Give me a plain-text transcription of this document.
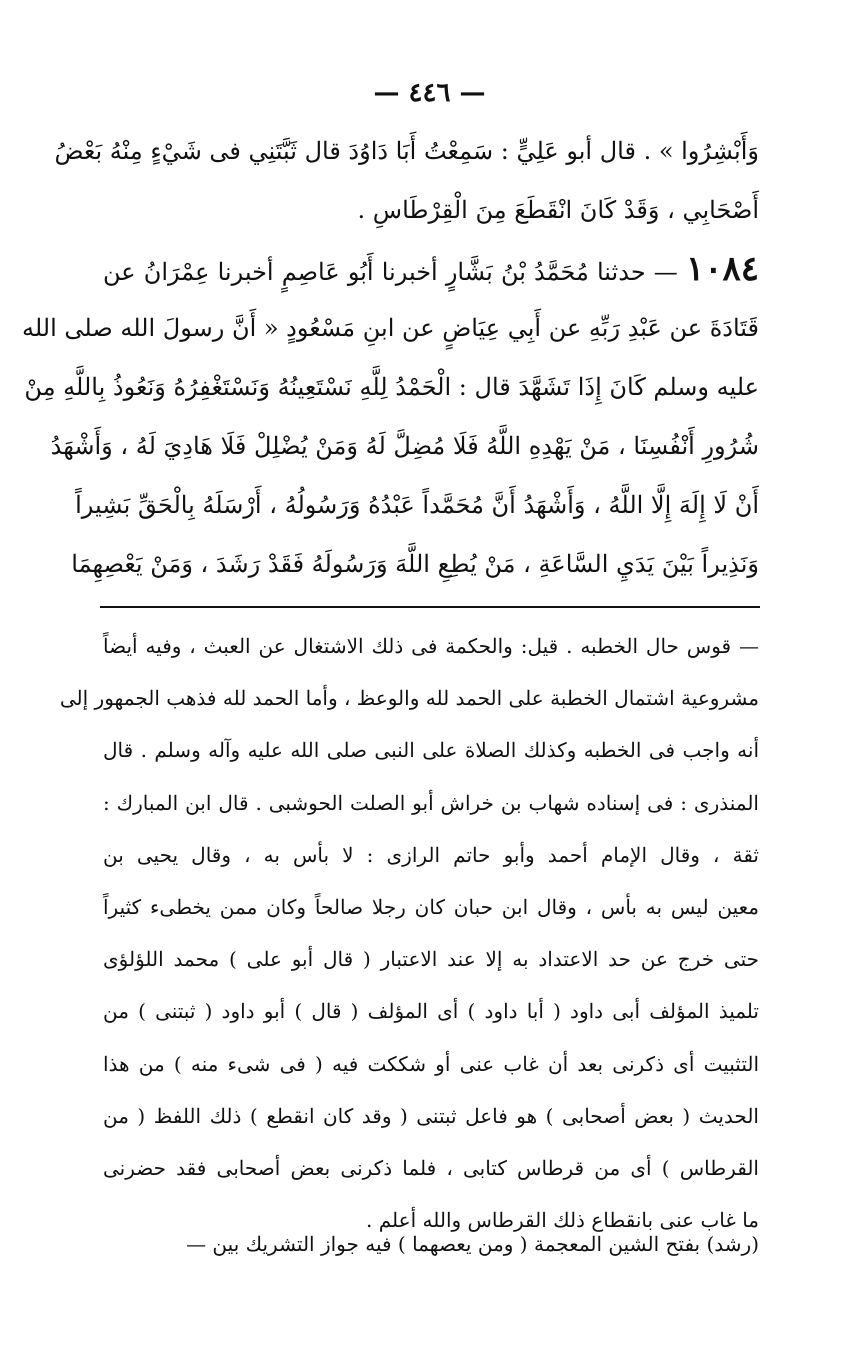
— ٤٤٦ —
وَأَبْشِرُوا » . قال أبو عَلِيٍّ : سَمِعْتُ أَبَا دَاوُدَ قال ثَبَّتَنِي فى شَيْءٍ مِنْهُ بَعْضُ
أَصْحَابِي ، وَقَدْ كَانَ انْقَطَعَ مِنَ الْقِرْطَاسِ .
١٠٨٤ — حدثنا مُحَمَّدُ بْنُ بَشَّارٍ أخبرنا أَبُو عَاصِمٍ أخبرنا عِمْرَانُ عن
قَتَادَةَ عن عَبْدِ رَبِّهِ عن أَبِي عِيَاضٍ عن ابنِ مَسْعُودٍ « أَنَّ رسولَ الله صلى الله
عليه وسلم كَانَ إِذَا تَشَهَّدَ قال : الْحَمْدُ لِلَّهِ نَسْتَعِينُهُ وَنَسْتَغْفِرُهُ وَنَعُوذُ بِاللَّهِ مِنْ
شُرُورِ أَنْفُسِنَا ، مَنْ يَهْدِهِ اللَّهُ فَلَا مُضِلَّ لَهُ وَمَنْ يُضْلِلْ فَلَا هَادِيَ لَهُ ، وَأَشْهَدُ
أَنْ لَا إِلَهَ إِلَّا اللَّهُ ، وَأَشْهَدُ أَنَّ مُحَمَّداً عَبْدُهُ وَرَسُولُهُ ، أَرْسَلَهُ بِالْحَقِّ بَشِيراً
وَنَذِيراً بَيْنَ يَدَيِ السَّاعَةِ ، مَنْ يُطِعِ اللَّهَ وَرَسُولَهُ فَقَدْ رَشَدَ ، وَمَنْ يَعْصِهِمَا
— قوس حال الخطبه . قيل: والحكمة فى ذلك الاشتغال عن العبث ، وفيه أيضاً
مشروعية اشتمال الخطبة على الحمد لله والوعظ ، وأما الحمد لله فذهب الجمهور إلى
أنه واجب فى الخطبه وكذلك الصلاة على النبى صلى الله عليه وآله وسلم . قال
المنذرى : فى إسناده شهاب بن خراش أبو الصلت الحوشبى . قال ابن المبارك :
ثقة ، وقال الإمام أحمد وأبو حاتم الرازى : لا بأس به ، وقال يحيى بن
معين ليس به بأس ، وقال ابن حبان كان رجلا صالحاً وكان ممن يخطىء كثيراً
حتى خرج عن حد الاعتداد به إلا عند الاعتبار ( قال أبو على ) محمد اللؤلؤى
تلميذ المؤلف أبى داود ( أبا داود ) أى المؤلف ( قال ) أبو داود ( ثبتنى ) من
التثبيت أى ذكرنى بعد أن غاب عنى أو شككت فيه ( فى شىء منه ) من هذا
الحديث ( بعض أصحابى ) هو فاعل ثبتنى ( وقد كان انقطع ) ذلك اللفظ ( من
القرطاس ) أى من قرطاس كتابى ، فلما ذكرنى بعض أصحابى فقد حضرنى
ما غاب عنى بانقطاع ذلك القرطاس والله أعلم .
(رشد) بفتح الشين المعجمة ( ومن يعصهما ) فيه جواز التشريك بين —
